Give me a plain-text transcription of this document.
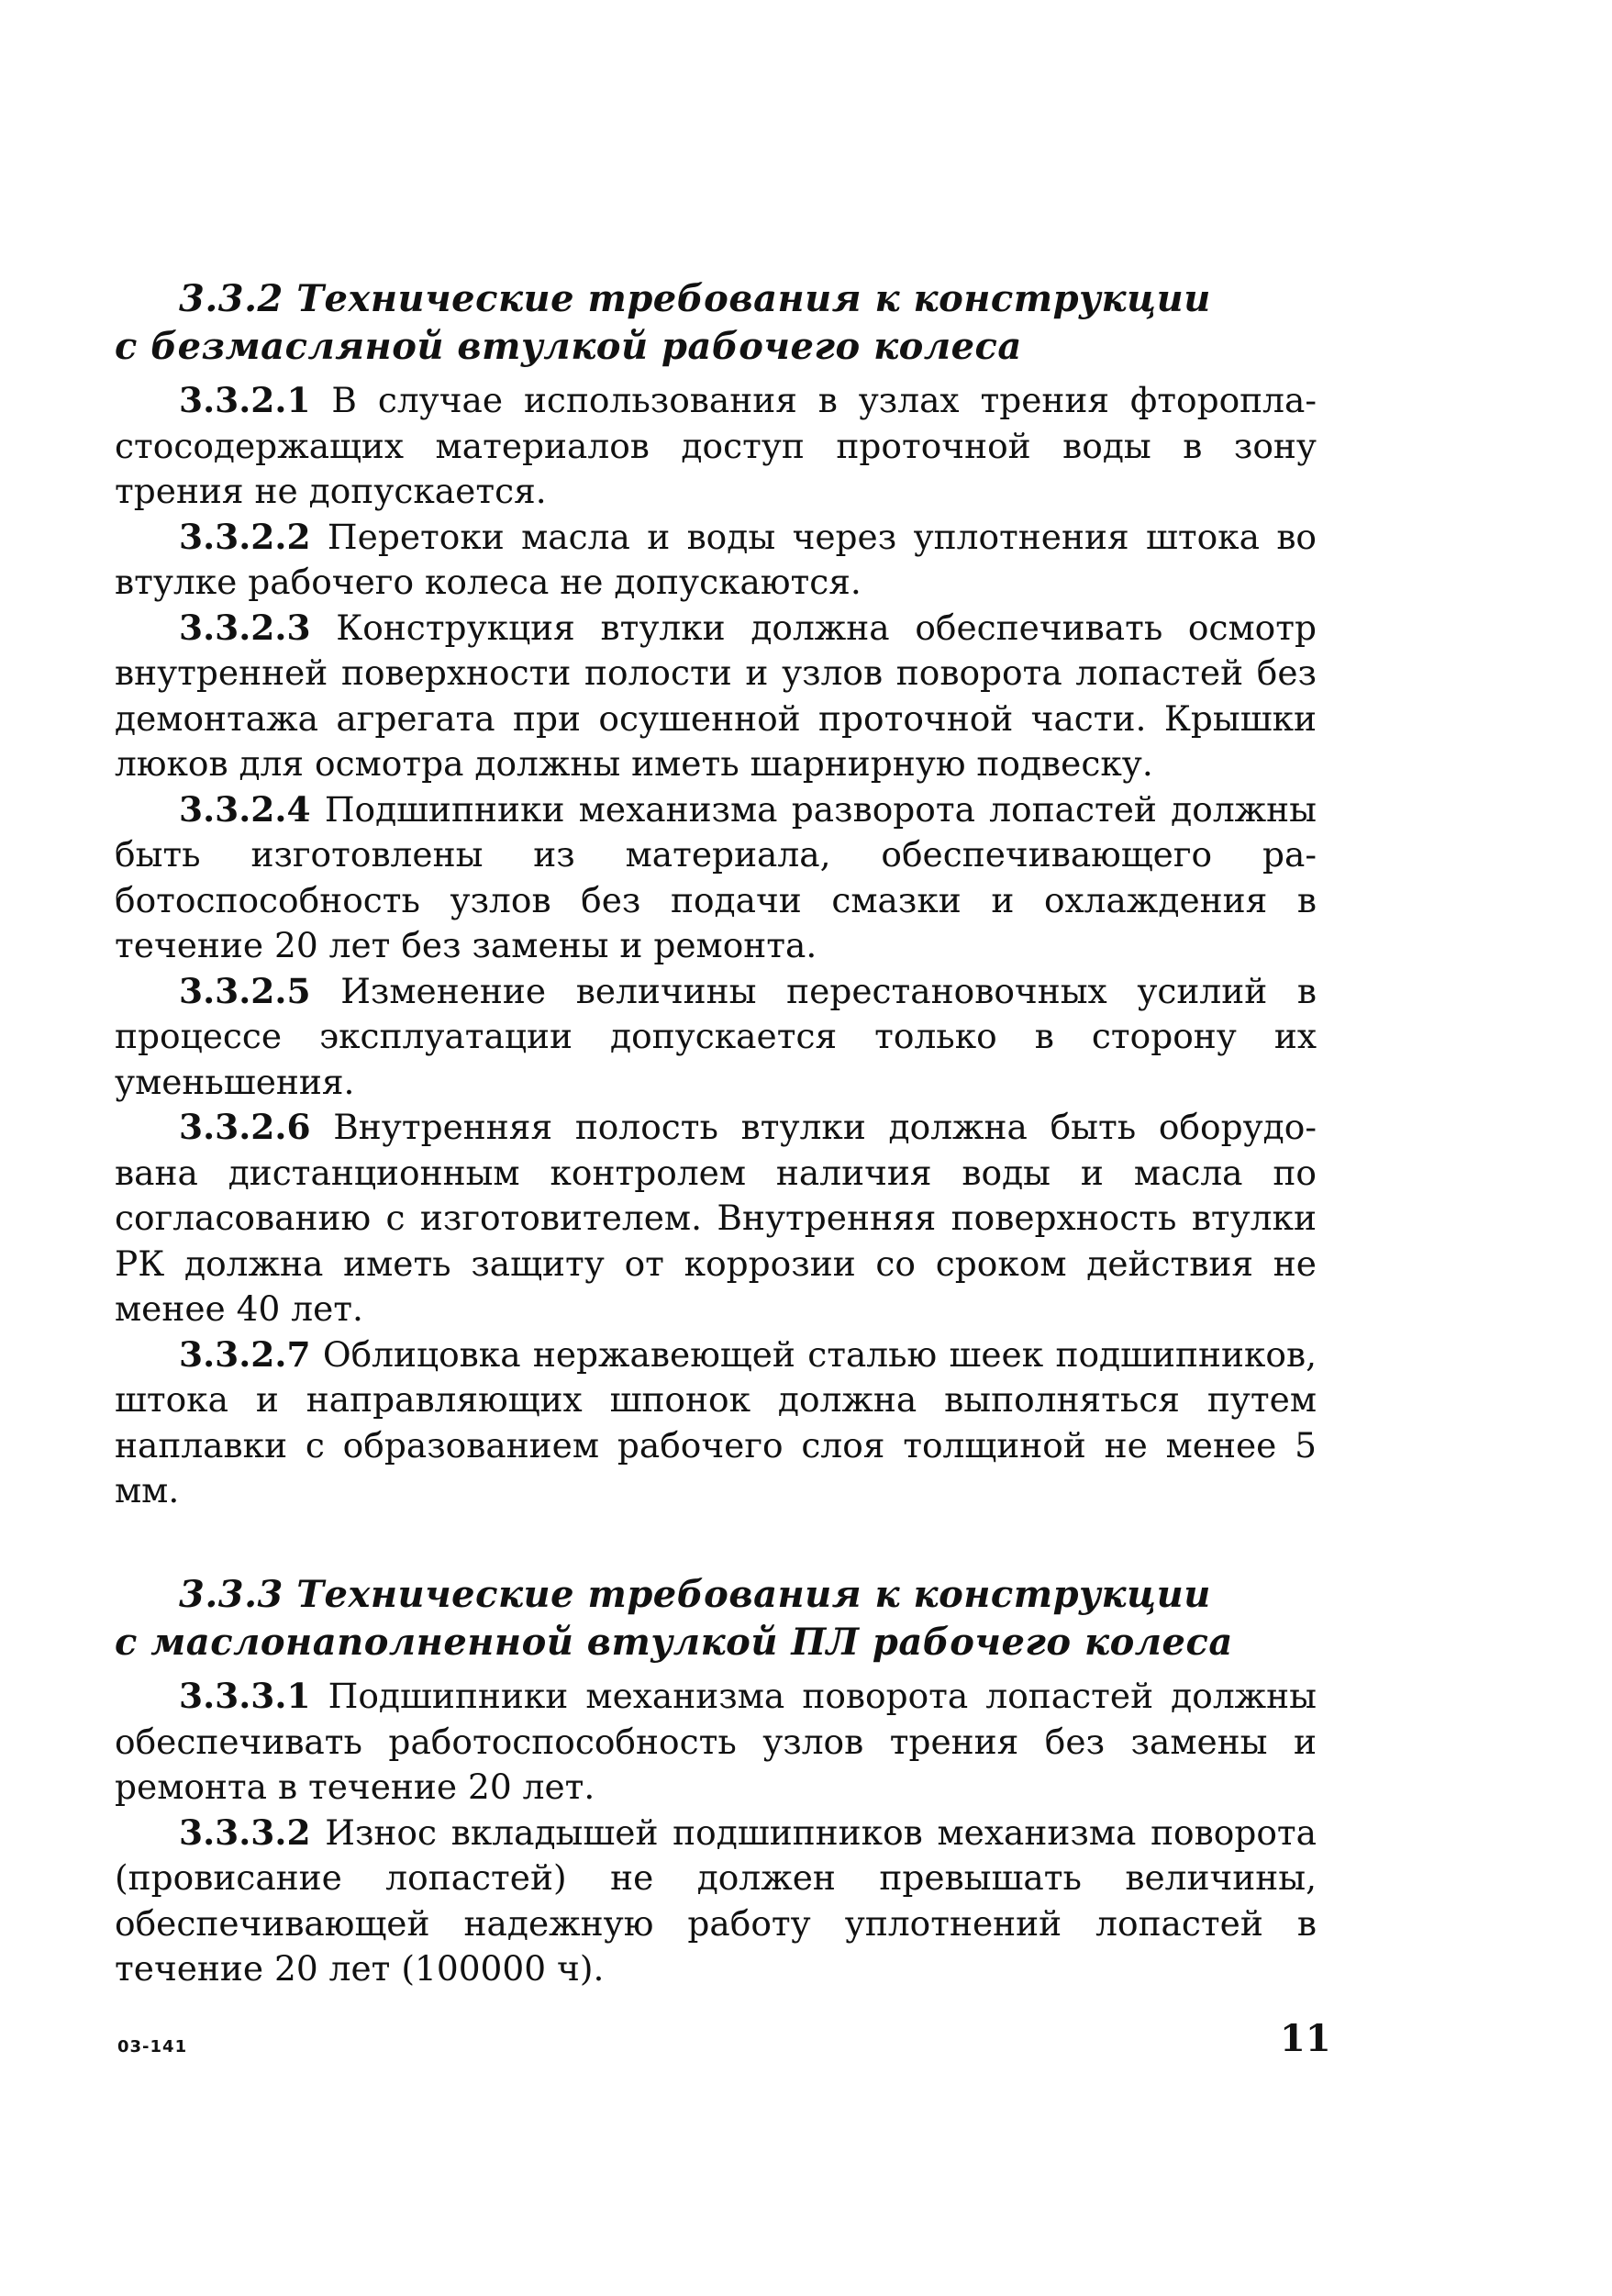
3.3.2 Технические требования к конструкции
с безмасляной втулкой рабочего колеса

3.3.2.1 В случае использования в узлах трения фторопластосодержащих материалов доступ проточной воды в зону трения не допускается.

3.3.2.2 Перетоки масла и воды через уплотнения штока во втулке рабочего колеса не допускаются.

3.3.2.3 Конструкция втулки должна обеспечивать осмотр внутренней поверхности полости и узлов поворота лопастей без демонтажа агрегата при осушенной проточной части. Крышки люков для осмотра должны иметь шарнирную подвеску.

3.3.2.4 Подшипники механизма разворота лопастей должны быть изготовлены из материала, обеспечивающего работоспособность узлов без подачи смазки и охлаждения в течение 20 лет без замены и ремонта.

3.3.2.5 Изменение величины перестановочных усилий в процессе эксплуатации допускается только в сторону их уменьшения.

3.3.2.6 Внутренняя полость втулки должна быть оборудована дистанционным контролем наличия воды и масла по согласованию с изготовителем. Внутренняя поверхность втулки РК должна иметь защиту от коррозии со сроком действия не менее 40 лет.

3.3.2.7 Облицовка нержавеющей сталью шеек подшипников, штока и направляющих шпонок должна выполняться путем наплавки с образованием рабочего слоя толщиной не менее 5 мм.

3.3.3 Технические требования к конструкции
с маслонаполненной втулкой ПЛ рабочего колеса

3.3.3.1 Подшипники механизма поворота лопастей должны обеспечивать работоспособность узлов трения без замены и ремонта в течение 20 лет.

3.3.3.2 Износ вкладышей подшипников механизма поворота (провисание лопастей) не должен превышать величины, обеспечивающей надежную работу уплотнений лопастей в течение 20 лет (100000 ч).

03-141	11
